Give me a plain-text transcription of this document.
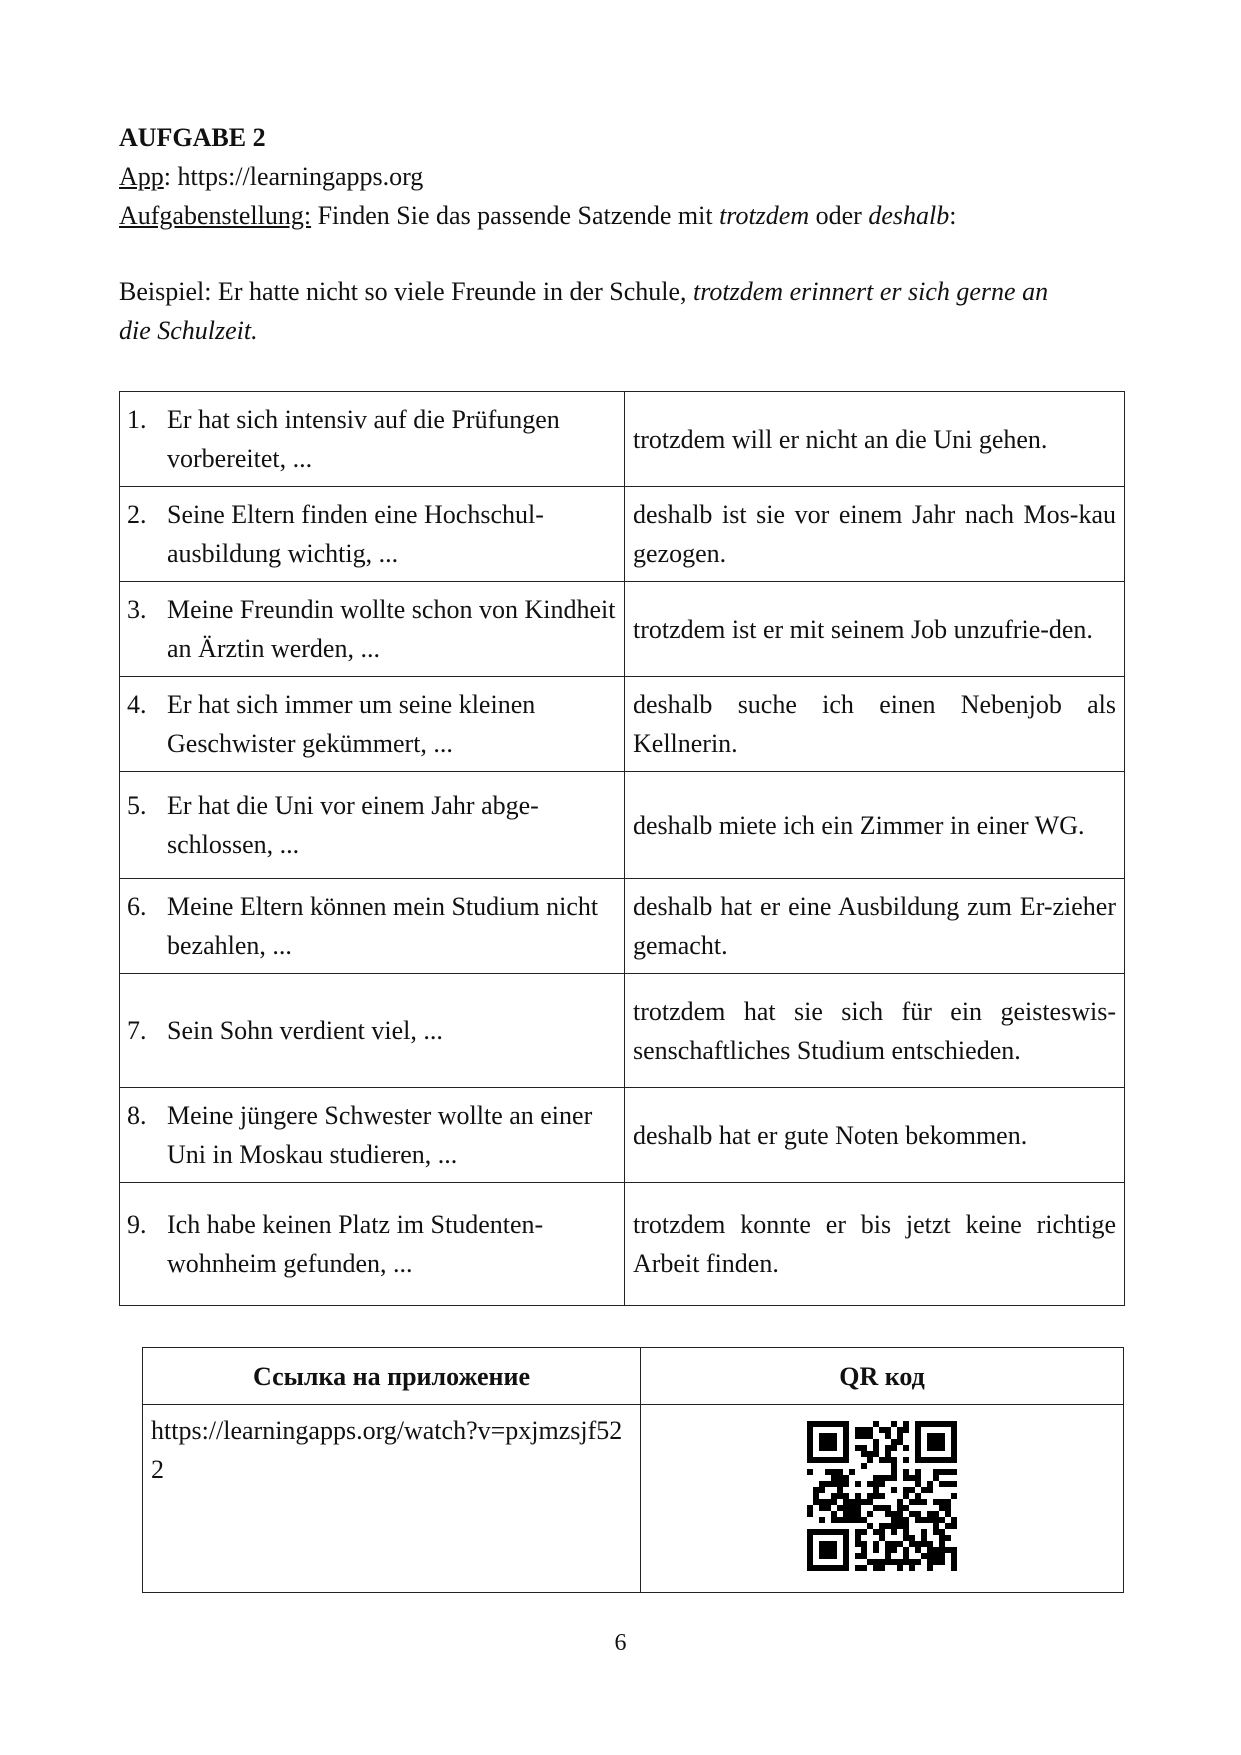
AUFGABE 2
App: https://learningapps.org
Aufgabenstellung: Finden Sie das passende Satzende mit trotzdem oder deshalb:
Beispiel: Er hatte nicht so viele Freunde in der Schule, trotzdem erinnert er sich gerne an die Schulzeit.
1. Er hat sich intensiv auf die Prüfungen vorbereitet, ...	trotzdem will er nicht an die Uni gehen.

2. Seine Eltern finden eine Hochschul-ausbildung wichtig, ...	deshalb ist sie vor einem Jahr nach Mos-kau gezogen.

3. Meine Freundin wollte schon von Kindheit an Ärztin werden, ...	trotzdem ist er mit seinem Job unzufrie-den.

4. Er hat sich immer um seine kleinen Geschwister gekümmert, ...	deshalb suche ich einen Nebenjob als Kellnerin.

5. Er hat die Uni vor einem Jahr abge-schlossen, ...	deshalb miete ich ein Zimmer in einer WG.

6. Meine Eltern können mein Studium nicht bezahlen, ...	deshalb hat er eine Ausbildung zum Er-zieher gemacht.

7. Sein Sohn verdient viel, ...	trotzdem hat sie sich für ein geisteswis-senschaftliches Studium entschieden.

8. Meine jüngere Schwester wollte an einer Uni in Moskau studieren, ...	deshalb hat er gute Noten bekommen.

9. Ich habe keinen Platz im Studenten-wohnheim gefunden, ...	trotzdem konnte er bis jetzt keine richtige Arbeit finden.
Ссылка на приложение	QR код

https://learningapps.org/watch?v=pxjmzsjf522

6
